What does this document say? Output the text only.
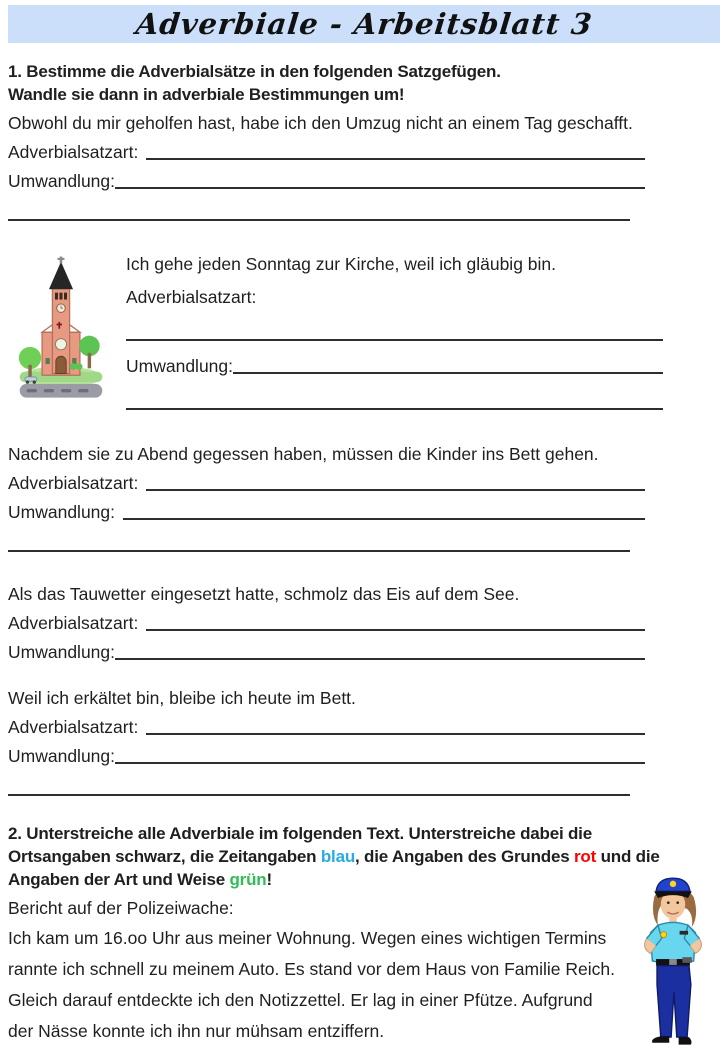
Adverbiale - Arbeitsblatt 3
1. Bestimme die Adverbialsätze in den folgenden Satzgefügen.
Wandle sie dann in adverbiale Bestimmungen um!
Obwohl du mir geholfen hast, habe ich den Umzug nicht an einem Tag geschafft.
Adverbialsatzart:
Umwandlung:
Ich gehe jeden Sonntag zur Kirche, weil ich gläubig bin.
Adverbialsatzart:
Umwandlung:
Nachdem sie zu Abend gegessen haben, müssen die Kinder ins Bett gehen.
Adverbialsatzart:
Umwandlung:
Als das Tauwetter eingesetzt hatte, schmolz das Eis auf dem See.
Adverbialsatzart:
Umwandlung:
Weil ich erkältet bin, bleibe ich heute im Bett.
Adverbialsatzart:
Umwandlung:
2. Unterstreiche alle Adverbiale im folgenden Text. Unterstreiche dabei die Ortsangaben schwarz, die Zeitangaben blau, die Angaben des Grundes rot und die Angaben der Art und Weise grün!
Bericht auf der Polizeiwache:
Ich kam um 16.oo Uhr aus meiner Wohnung. Wegen eines wichtigen Termins rannte ich schnell zu meinem Auto. Es stand vor dem Haus von Familie Reich. Gleich darauf entdeckte ich den Notizzettel. Er lag in einer Pfütze. Aufgrund der Nässe konnte ich ihn nur mühsam entziffern.
